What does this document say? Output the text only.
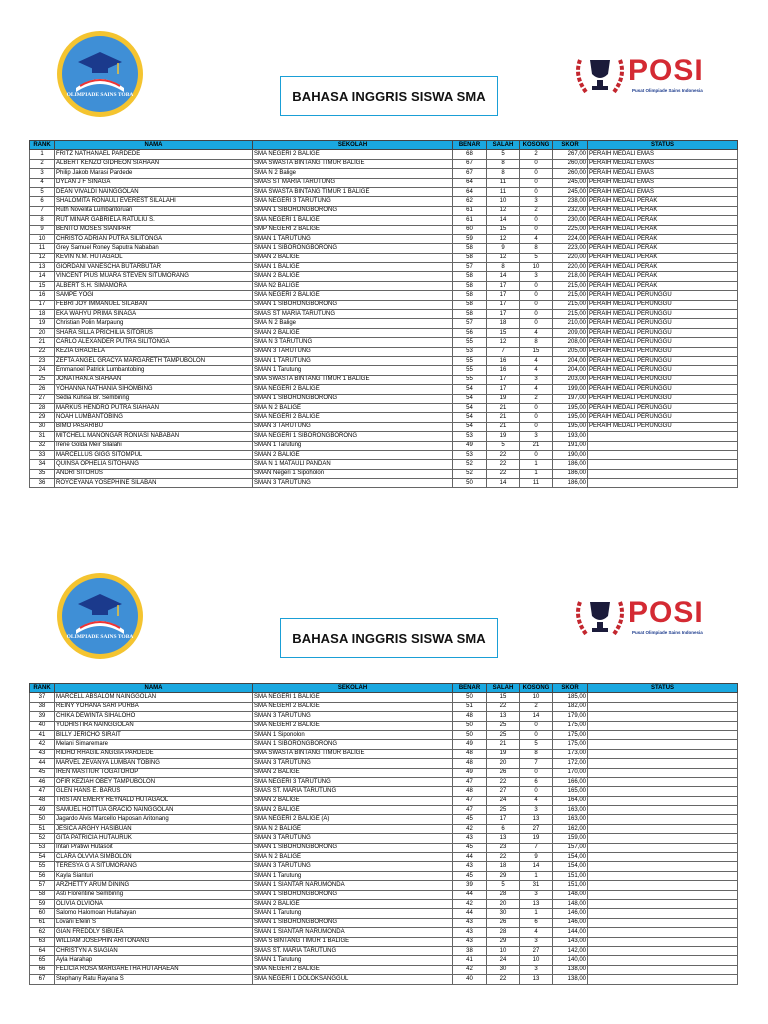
OLIMPIADE SAINS TOBA	BAHASA INGGRIS SISWA SMA
POSI
Pusat Olimpiade Sains Indonesia
RANK	NAMA	SEKOLAH	BENAR	SALAH	KOSONG	SKOR	STATUS
1	FRITZ NATHANAEL PARDEDE	SMA NEGERI 2 BALIGE	68	5	2	267,00	PERAIH MEDALI EMAS
2	ALBERT KENZO GIDHEON SIAHAAN	SMA SWASTA BINTANG TIMUR BALIGE	67	8	0	260,00	PERAIH MEDALI EMAS
3	Philip Jakob Marasi Pardede	SMA N 2 Balige	67	8	0	260,00	PERAIH MEDALI EMAS
4	DYLAN J F SINAGA	SMAS ST MARIA TARUTUNG	64	11	0	245,00	PERAIH MEDALI EMAS
5	DEAN VIVALDI NAINGGOLAN	SMA SWASTA BINTANG TIMUR 1 BALIGE	64	11	0	245,00	PERAIH MEDALI EMAS
6	SHALOMITA RONAULI EVEREST SILALAHI	SMA NEGERI 3 TARUTUNG	62	10	3	238,00	PERAIH MEDALI PERAK
7	Ruth Novelita Lumbantoruan	SMAN 1 SIBORONGBORONG	61	12	2	232,00	PERAIH MEDALI PERAK
8	RUT MINAR GABRIELA RATULIU S.	SMA NEGERI 1 BALIGE	61	14	0	230,00	PERAIH MEDALI PERAK
9	BENITO MOSES SIANIPAR	SMP NEGERI 2 BALIGE	60	15	0	225,00	PERAIH MEDALI PERAK
10	CHRISTO ADRIAN PUTRA SILITONGA	SMAN 1 TARUTUNG	59	12	4	224,00	PERAIH MEDALI PERAK
11	Grey Samuel Roney Saputra Nababan	SMAN 1 SIBORONGBORONG	58	9	8	223,00	PERAIH MEDALI PERAK
12	KEVIN N.M. HUTAGAOL	SMAN 2 BALIGE	58	12	5	220,00	PERAIH MEDALI PERAK
13	GIORDANI VANESCHA BUTARBUTAR	SMAN 1 BALIGE	57	8	10	220,00	PERAIH MEDALI PERAK
14	VINCENT PIUS MUARA STEVEN SITUMORANG	SMAN 2 BALIGE	58	14	3	218,00	PERAIH MEDALI PERAK
15	ALBERT S.H. SIMAMORA	SMA N2 BALIGE	58	17	0	215,00	PERAIH MEDALI PERAK
16	SAMPE YOGI	SMA NEGERI 2 BALIGE	58	17	0	215,00	PERAIH MEDALI PERUNGGU
17	FEBRI JOY IMMANUEL SILABAN	SMAN 1 SIBORONGBORONG	58	17	0	215,00	PERAIH MEDALI PERUNGGU
18	EKA WAHYU PRIMA SINAGA	SMAS ST MARIA TARUTUNG	58	17	0	215,00	PERAIH MEDALI PERUNGGU
19	Christian Polin Marpaung	SMA N 2 Balige	57	18	0	210,00	PERAIH MEDALI PERUNGGU
20	SHARA SILLA PRICHILIA SITORUS	SMAN 2 BALIGE	56	15	4	209,00	PERAIH MEDALI PERUNGGU
21	CARLO ALEXANDER PUTRA SILITONGA	SMA N 3 TARUTUNG	55	12	8	208,00	PERAIH MEDALI PERUNGGU
22	KEZIA GRACIELA	SMAN 3 TARUTUNG	53	7	15	205,00	PERAIH MEDALI PERUNGGU
23	ZEFTA ANGEL GRACYA MARGARETH TAMPUBOLON	SMAN 1 TARUTUNG	55	16	4	204,00	PERAIH MEDALI PERUNGGU
24	Emmanoel Patrick Lumbantobing	SMAN 1 Tarutung	55	16	4	204,00	PERAIH MEDALI PERUNGGU
25	JONATHAN.A SIAHAAN	SMA SWASTA BINTANG TIMUR 1 BALIGE	55	17	3	203,00	PERAIH MEDALI PERUNGGU
26	YOHANNA NATHANIA SIHOMBING	SMA NEGERI 2 BALIGE	54	17	4	199,00	PERAIH MEDALI PERUNGGU
27	Sedia Kuhisa Br. Sembiring	SMAN 1 SIBORONGBORONG	54	19	2	197,00	PERAIH MEDALI PERUNGGU
28	MARKUS HENDRO PUTRA SIAHAAN	SMA N 2 BALIGE	54	21	0	195,00	PERAIH MEDALI PERUNGGU
29	NOAH LUMBANTOBING	SMA NEGERI 2 BALIGE	54	21	0	195,00	PERAIH MEDALI PERUNGGU
30	BIMO PASARIBU	SMAN 3 TARUTUNG	54	21	0	195,00	PERAIH MEDALI PERUNGGU
31	MITCHELL MANONGAR RONIASI NABABAN	SMA NEGERI 1 SIBORONGBORONG	53	19	3	193,00	
32	Irene Golda Meir Silalahi	SMAN 1 Tarutung	49	5	21	191,00	
33	MARCELLUS GIGG SITOMPUL	SMAN 2 BALIGE	53	22	0	190,00	
34	QUINSA OPHELIA SITOHANG	SMA N 1 MATAULI PANDAN	52	22	1	186,00	
35	ANDRI SITORUS	SMAN Negeri 1 Sipoholon	52	22	1	186,00	
36	ROYCEYANA YOSEPHINE SILABAN	SMAN 3 TARUTUNG	50	14	11	186,00	
OLIMPIADE SAINS TOBA	BAHASA INGGRIS SISWA SMA
POSI
Pusat Olimpiade Sains Indonesia
RANK	NAMA	SEKOLAH	BENAR	SALAH	KOSONG	SKOR	STATUS
37	MARCELL ABSALOM NAINGGOLAN	SMA NEGERI 1 BALIGE	50	15	10	185,00	
38	REINY YOHANA SARI PURBA	SMA NEGERI 2 BALIGE	51	22	2	182,00	
39	CHIKA DEWINTA SIHALOHO	SMAN 3 TARUTUNG	48	13	14	179,00	
40	YUDHISTIRA NAINGGOLAN	SMA NEGERI 2 BALIGE	50	25	0	175,00	
41	BILLY JERICHO SIRAIT	SMAN 1 Siponolon	50	25	0	175,00	
42	Melani Simaremare	SMAN 1 SIBORONGBORONG	49	21	5	175,00	
43	RIDHO RHAGIL ANGGIA PARDEDE	SMA SWASTA BINTANG TIMUR BALIGE	48	19	8	173,00	
44	MARVEL ZEVANYA LUMBAN TOBING	SMAN 3 TARUTUNG	48	20	7	172,00	
45	IREN MASTIUR TOGATOROP	SMAN 2 BALIGE	49	26	0	170,00	
46	OFIR KEZIAH OBEY TAMPUBOLON	SMA NEGERI 3 TARUTUNG	47	22	6	166,00	
47	GLEN HANS E. BARUS	SMAS ST. MARIA TARUTUNG	48	27	0	165,00	
48	TRISTAN EMERY REYNALD HUTAGAOL	SMAN 2 BALIGE	47	24	4	164,00	
49	SAMUEL HOTTUA GRACIO NAINGGOLAN	SMAN 2 BALIGE	47	25	3	163,00	
50	Jagardo Alvis Marcello Haposan Aritonang	SMA NEGERI 2 BALIGE (A)	45	17	13	163,00	
51	JESICA ARGHY HASIBUAN	SMA N 2 BALIGE	42	6	27	162,00	
52	GITA PATRICIA HUTAURUK	SMAN 3 TARUTUNG	43	13	19	159,00	
53	Intan Pratiwi Hutasoit	SMAN 1 SIBORONGBORONG	45	23	7	157,00	
54	CLARA OLVVIA SIMBOLON	SMA N 2 BALIGE	44	22	9	154,00	
55	TERESYA G A SITUMORANG	SMAN 3 TARUTUNG	43	18	14	154,00	
56	Kayla Sianturi	SMAN 1 Tarutung	45	29	1	151,00	
57	ARZHETTY ARUM DINING	SMAN 1 SIANTAR NARUMONDA	39	5	31	151,00	
58	Asti Florentine Sembiring	SMAN 1 SIBORONGBORONG	44	28	3	148,00	
59	OLIVIA OLVIONA	SMAN 2 BALIGE	42	20	13	148,00	
60	Salomo Halomoan Hutahayan	SMAN 1 Tarutung	44	30	1	146,00	
61	Lovani Efelin S	SMAN 1 SIBORONGBORONG	43	26	6	146,00	
62	GIAN FREDDLY SIBUEA	SMAN 1 SIANTAR NARUMONDA	43	28	4	144,00	
63	WILLIAM JOSEPHIN ARITONANG	SMA S BINTANG TIMUR 1 BALIGE	43	29	3	143,00	
64	CHRISTYN A SIAGIAN	SMAS ST. MARIA TARUTUNG	38	10	27	142,00	
65	Ayla Harahap	SMAN 1 Tarutung	41	24	10	140,00	
66	FELICIA ROSA MARGARETHA HUTAHAEAN	SMA NEGERI 2 BALIGE	42	30	3	138,00	
67	Stephany Ratu Rayana S	SMA NEGERI 1 DOLOKSANGGUL	40	22	13	138,00	
